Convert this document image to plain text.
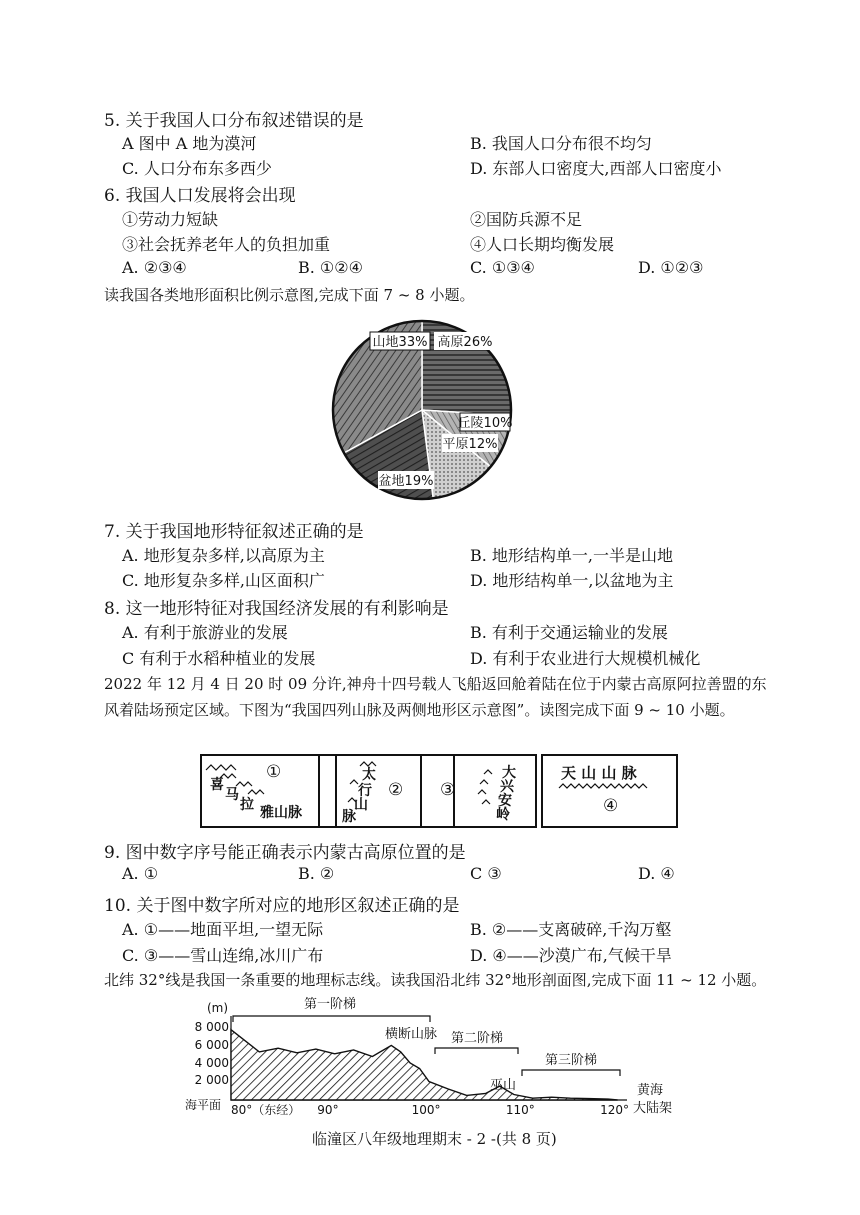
5. 关于我国人口分布叙述错误的是
A 图中 A 地为漠河	B. 我国人口分布很不均匀
C. 人口分布东多西少	D. 东部人口密度大,西部人口密度小
6. 我国人口发展将会出现
①劳动力短缺	②国防兵源不足
③社会抚养老年人的负担加重	④人口长期均衡发展
A. ②③④	B. ①②④	C. ①③④	D. ①②③
读我国各类地形面积比例示意图,完成下面 7 ~ 8 小题。
山地33% 高原26%
丘陵10%
平原12%
盆地19%
7. 关于我国地形特征叙述正确的是
A. 地形复杂多样,以高原为主	B. 地形结构单一,一半是山地
C. 地形复杂多样,山区面积广	D. 地形结构单一,以盆地为主
8. 这一地形特征对我国经济发展的有利影响是
A. 有利于旅游业的发展	B. 有利于交通运输业的发展
C 有利于水稻种植业的发展	D. 有利于农业进行大规模机械化
2022 年 12 月 4 日 20 时 09 分许,神舟十四号载人飞船返回舱着陆在位于内蒙古高原阿拉善盟的东风着陆场预定区域。下图为“我国四列山脉及两侧地形区示意图”。读图完成下面 9 ~ 10 小题。
①
喜
马
拉 雅山脉
太
行
山
脉
② ③
大
兴
安
岭
天 山 山 脉
④
9. 图中数字序号能正确表示内蒙古高原位置的是
A. ①	B. ②	C ③	D. ④
10. 关于图中数字所对应的地形区叙述正确的是
A. ①——地面平坦,一望无际	B. ②——支离破碎,千沟万壑
C. ③——雪山连绵,冰川广布	D. ④——沙漠广布,气候干旱
北纬 32°线是我国一条重要的地理标志线。读我国沿北纬 32°地形剖面图,完成下面 11 ~ 12 小题。
(m)
8 000
6 000
4 000
2 000
海平面 80°（东经） 90°	100°	110°	120°
第一阶梯
第二阶梯
第三阶梯
横断山脉
巫山	黄海
大陆架
临潼区八年级地理期末 - 2 -(共 8 页)
